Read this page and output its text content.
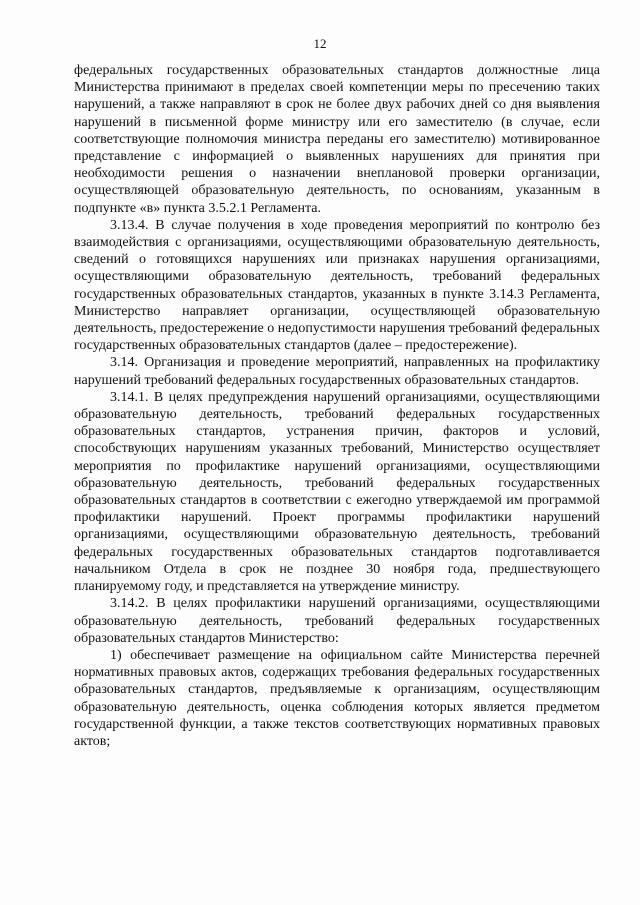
12

федеральных государственных образовательных стандартов должностные лица Министерства принимают в пределах своей компетенции меры по пресечению таких нарушений, а также направляют в срок не более двух рабочих дней со дня выявления нарушений в письменной форме министру или его заместителю (в случае, если соответствующие полномочия министра переданы его заместителю) мотивированное представление с информацией о выявленных нарушениях для принятия при необходимости решения о назначении внеплановой проверки организации, осуществляющей образовательную деятельность, по основаниям, указанным в подпункте «в» пункта 3.5.2.1 Регламента.

3.13.4. В случае получения в ходе проведения мероприятий по контролю без взаимодействия с организациями, осуществляющими образовательную деятельность, сведений о готовящихся нарушениях или признаках нарушения организациями, осуществляющими образовательную деятельность, требований федеральных государственных образовательных стандартов, указанных в пункте 3.14.3 Регламента, Министерство направляет организации, осуществляющей образовательную деятельность, предостережение о недопустимости нарушения требований федеральных государственных образовательных стандартов (далее – предостережение).

3.14. Организация и проведение мероприятий, направленных на профилактику нарушений требований федеральных государственных образовательных стандартов.

3.14.1. В целях предупреждения нарушений организациями, осуществляющими образовательную деятельность, требований федеральных государственных образовательных стандартов, устранения причин, факторов и условий, способствующих нарушениям указанных требований, Министерство осуществляет мероприятия по профилактике нарушений организациями, осуществляющими образовательную деятельность, требований федеральных государственных образовательных стандартов в соответствии с ежегодно утверждаемой им программой профилактики нарушений. Проект программы профилактики нарушений организациями, осуществляющими образовательную деятельность, требований федеральных государственных образовательных стандартов подготавливается начальником Отдела в срок не позднее 30 ноября года, предшествующего планируемому году, и представляется на утверждение министру.

3.14.2. В целях профилактики нарушений организациями, осуществляющими образовательную деятельность, требований федеральных государственных образовательных стандартов Министерство:

1) обеспечивает размещение на официальном сайте Министерства перечней нормативных правовых актов, содержащих требования федеральных государственных образовательных стандартов, предъявляемые к организациям, осуществляющим образовательную деятельность, оценка соблюдения которых является предметом государственной функции, а также текстов соответствующих нормативных правовых актов;
